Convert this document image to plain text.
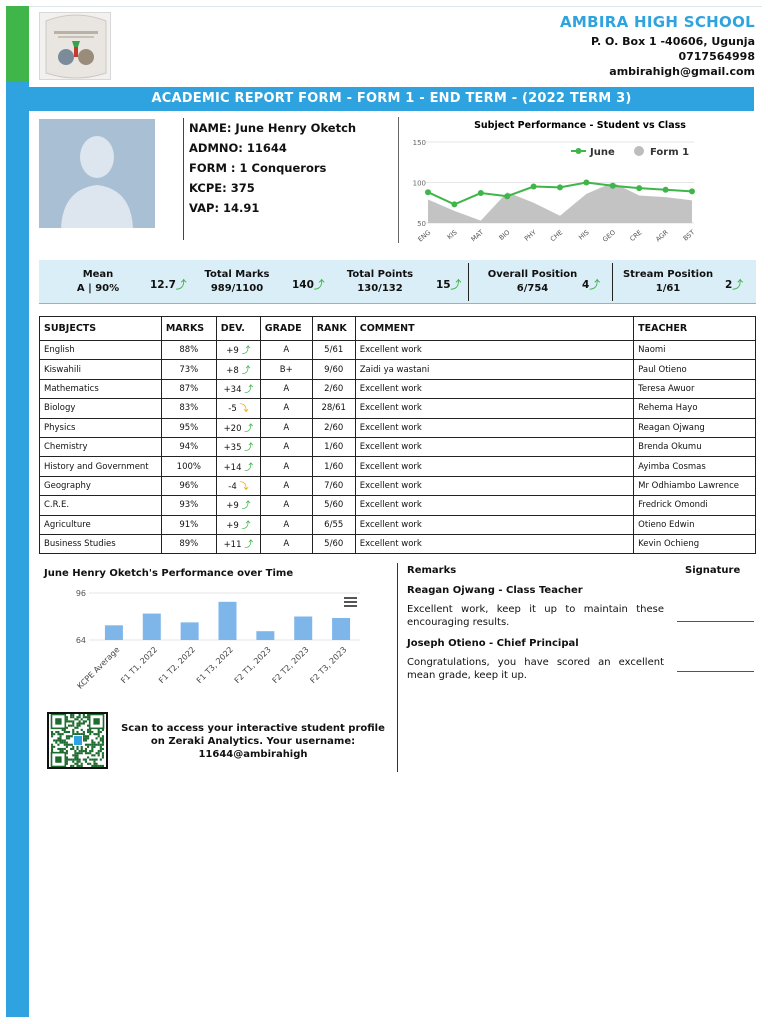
AMBIRA HIGH SCHOOL
P. O. Box 1 -40606, Ugunja
0717564998
ambirahigh@gmail.com
ACADEMIC REPORT FORM - FORM 1 - END TERM - (2022 TERM 3)
NAME: June Henry Oketch
ADMNO: 11644
FORM : 1 Conquerors
KCPE: 375
VAP: 14.91
Subject Performance - Student vs Class
50
100
150
ENG KIS MAT BIO PHY CHE HIS GEO CRE AGR BST
June	Form 1
Mean
A | 90%	12.7⤴
Total Marks
989/1100	140⤴
Total Points
130/132	15⤴
Overall Position
6/754	4⤴
Stream Position
1/61	2⤴
SUBJECTS	MARKS	DEV.	GRADE	RANK	COMMENT	TEACHER
English	88%	+9 ⤴	A	5/61	Excellent work	Naomi
Kiswahili	73%	+8 ⤴	B+	9/60	Zaidi ya wastani	Paul Otieno
Mathematics	87%	+34 ⤴	A	2/60	Excellent work	Teresa Awuor
Biology	83%	-5 ⤵	A	28/61	Excellent work	Rehema Hayo
Physics	95%	+20 ⤴	A	2/60	Excellent work	Reagan Ojwang
Chemistry	94%	+35 ⤴	A	1/60	Excellent work	Brenda Okumu
History and Government	100%	+14 ⤴	A	1/60	Excellent work	Ayimba Cosmas
Geography	96%	-4 ⤵	A	7/60	Excellent work	Mr Odhiambo Lawrence
C.R.E.	93%	+9 ⤴	A	5/60	Excellent work	Fredrick Omondi
Agriculture	91%	+9 ⤴	A	6/55	Excellent work	Otieno Edwin
Business Studies	89%	+11 ⤴	A	5/60	Excellent work	Kevin Ochieng
June Henry Oketch's Performance over Time
64
96
KCPE Average
F1 T1, 2022
F1 T2, 2022
F1 T3, 2022
F2 T1, 2023
F2 T2, 2023
F2 T3, 2023
Scan to access your interactive student profile on Zeraki Analytics. Your username: 11644@ambirahigh
Remarks	Signature
Reagan Ojwang - Class Teacher
Excellent work, keep it up to maintain these encouraging results.
Joseph Otieno - Chief Principal
Congratulations, you have scored an excellent mean grade, keep it up.
